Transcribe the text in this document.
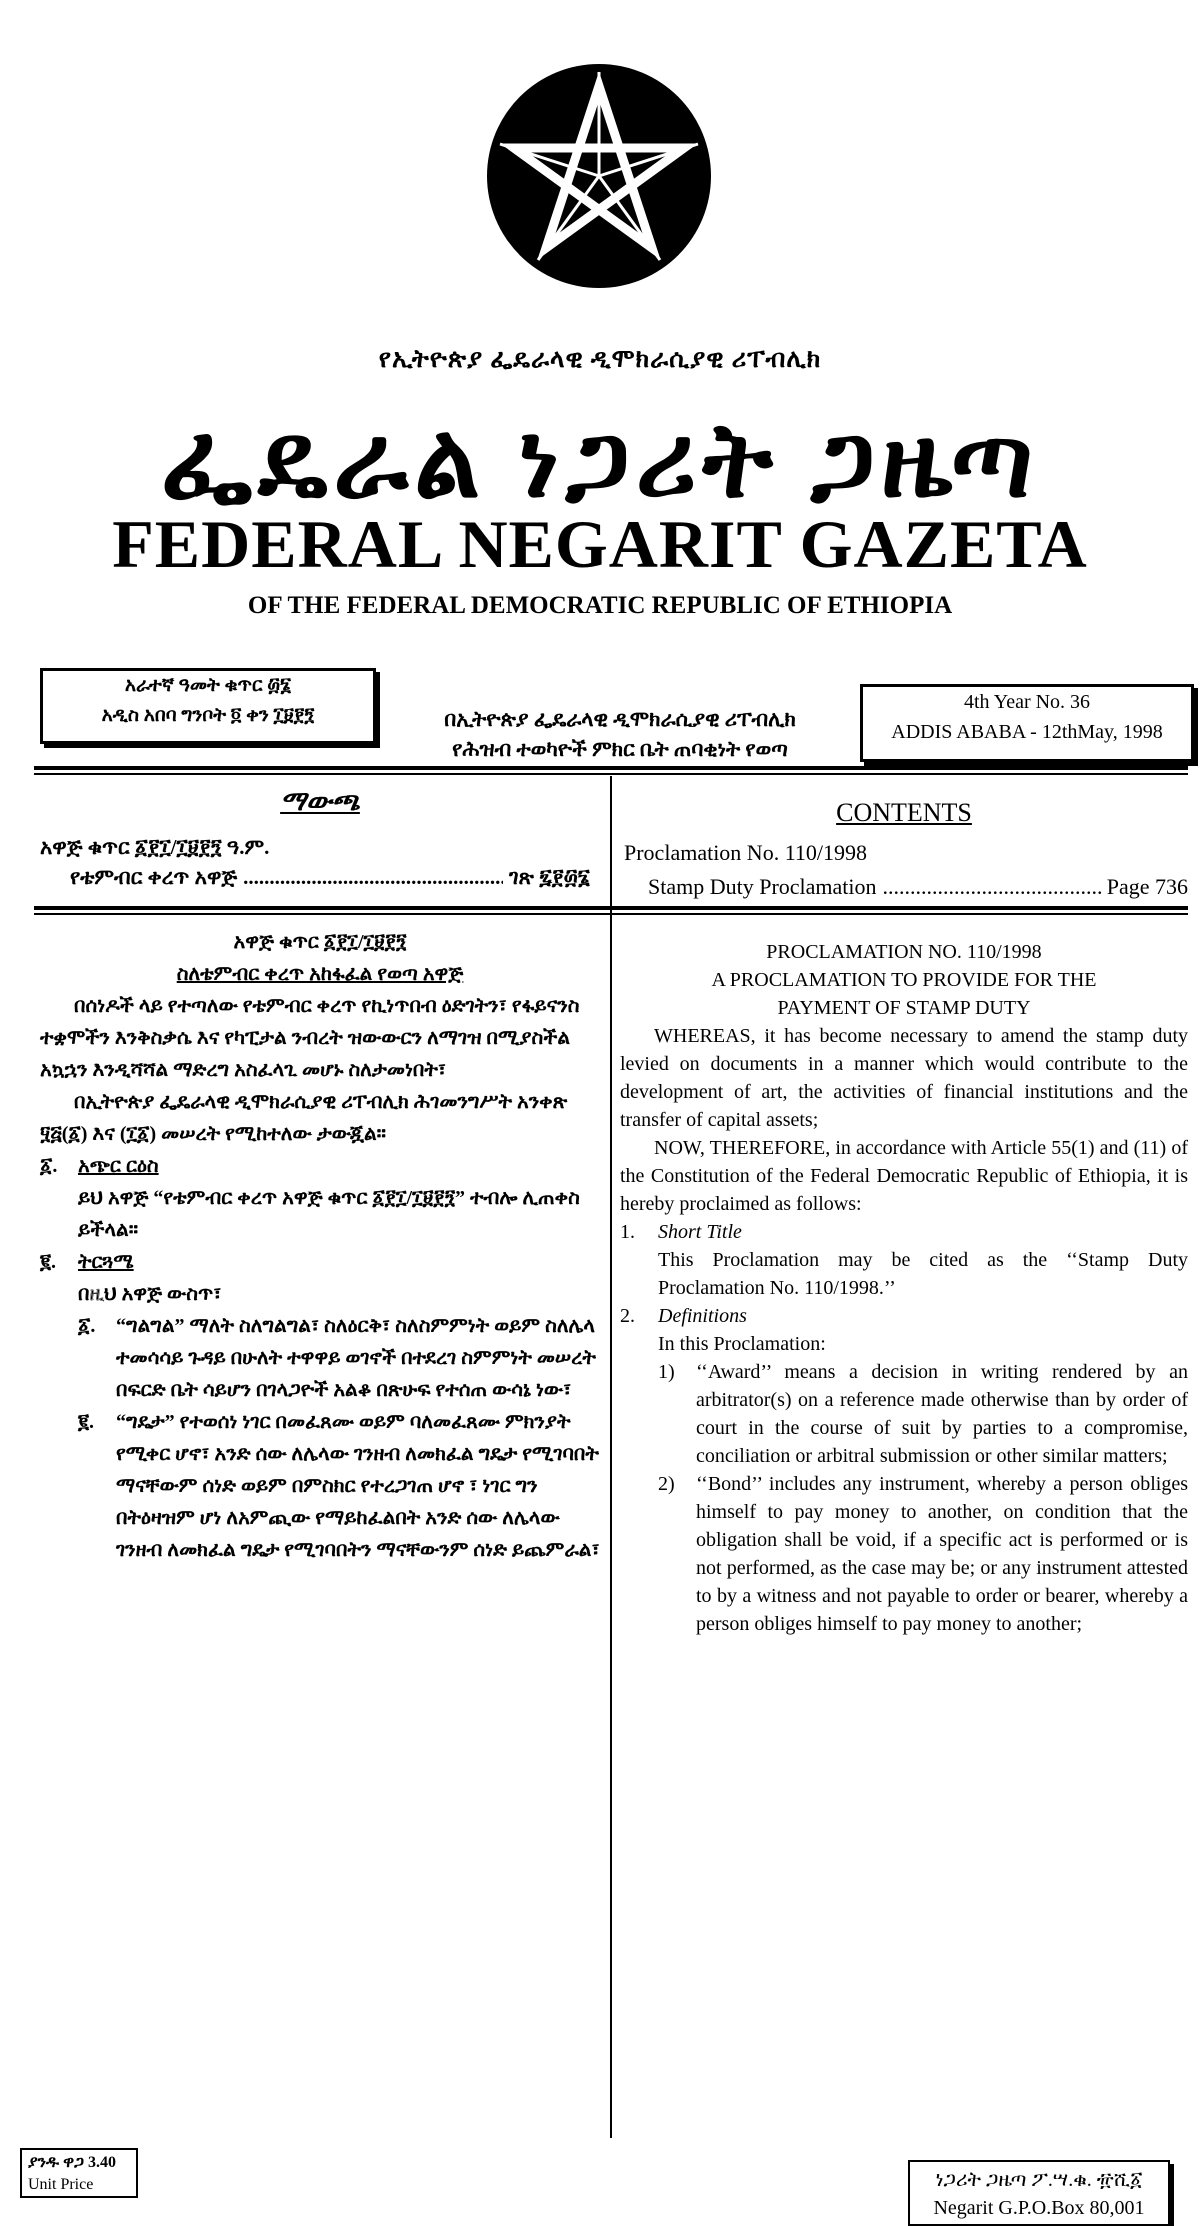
የኢትዮጵያ ፌዴራላዊ ዲሞክራሲያዊ ሪፐብሊክ
ፌዴራል ነጋሪት ጋዜጣ
FEDERAL NEGARIT GAZETA
OF THE FEDERAL DEMOCRATIC REPUBLIC OF ETHIOPIA
አራተኛ ዓመት ቁጥር ፴፮
አዲስ አበባ ግንቦት ፬ ቀን ፲፱፻፺	በኢትዮጵያ ፌዴራላዊ ዲሞክራሲያዊ ሪፐብሊክ
የሕዝብ ተወካዮች ምክር ቤት ጠባቂነት የወጣ
4th Year No. 36
ADDIS ABABA - 12thMay, 1998
ማውጫ
አዋጅ ቁጥር ፩፻፲/፲፱፻፺ ዓ.ም.
የቴምብር ቀረጥ አዋጅ .....	ገጽ ፯፻፴፮
CONTENTS
Proclamation No. 110/1998
Stamp Duty Proclamation .....	Page 736

አዋጅ ቁጥር ፩፻፲/፲፱፻፺

ስለቴምብር ቀረጥ አከፋፈል የወጣ አዋጅ

በሰነዶች ላይ የተጣለው የቴምብር ቀረጥ የኪነጥበብ ዕድገትን፣ የፋይናንስ ተቋሞችን እንቅስቃሴ እና የካፒታል ንብረት ዝውውርን ለማገዝ በሚያስችል አኳኋን እንዲሻሻል ማድረግ አስፈላጊ መሆኑ ስለታመነበት፣

በኢትዮጵያ ፌዴራላዊ ዲሞክራሲያዊ ሪፐብሊክ ሕገመንግሥት አንቀጽ ፶፭(፩) እና (፲፩) መሠረት የሚከተለው ታውጇል።

፩.	አጭር ርዕስ

ይህ አዋጅ “የቴምብር ቀረጥ አዋጅ ቁጥር ፩፻፲/፲፱፻፺” ተብሎ ሊጠቀስ ይችላል።

፪.	ትርጓሜ

በዚህ አዋጅ ውስጥ፣

፩.	“ግልግል” ማለት ስለግልግል፣ ስለዕርቅ፣ ስለስምምነት ወይም ስለሌላ ተመሳሳይ ጉዳይ በሁለት ተዋዋይ ወገኖች በተደረገ ስምምነት መሠረት በፍርድ ቤት ሳይሆን በገላጋዮች አልቆ በጽሁፍ የተሰጠ ውሳኔ ነው፣
፪.	“ግዴታ” የተወሰነ ነገር በመፈጸሙ ወይም ባለመፈጸሙ ምክንያት የሚቀር ሆኖ፣ አንድ ሰው ለሌላው ገንዘብ ለመክፈል ግዴታ የሚገባበት ማናቸውም ሰነድ ወይም በምስክር የተረጋገጠ ሆኖ ፣ ነገር ግን በትዕዛዝም ሆነ ለአምጪው የማይከፈልበት አንድ ሰው ለሌላው ገንዘብ ለመክፈል ግዴታ የሚገባበትን ማናቸውንም ሰነድ ይጨምራል፣

PROCLAMATION NO. 110/1998

A PROCLAMATION TO PROVIDE FOR THE

PAYMENT OF STAMP DUTY

WHEREAS, it has become necessary to amend the stamp duty levied on documents in a manner which would contribute to the development of art, the activities of financial institutions and the transfer of capital assets;

NOW, THEREFORE, in accordance with Article 55(1) and (11) of the Constitution of the Federal Democratic Republic of Ethiopia, it is hereby proclaimed as follows:

1.	Short Title

This Proclamation may be cited as the ‘‘Stamp Duty Proclamation No. 110/1998.’’

2.	Definitions

In this Proclamation:

1)	‘‘Award’’ means a decision in writing rendered by an arbitrator(s) on a reference made otherwise than by order of court in the course of suit by parties to a compromise, conciliation or arbitral submission or other similar matters;
2)	‘‘Bond’’ includes any instrument, whereby a person obliges himself to pay money to another, on condition that the obligation shall be void, if a specific act is performed or is not performed, as the case may be; or any instrument attested to by a witness and not payable to order or bearer, whereby a person obliges himself to pay money to another;
ያንዱ ዋጋ 3.40
Unit Price	ነጋሪት ጋዜጣ ፖ.ሣ.ቁ. ፹ሺ፩
Negarit G.P.O.Box 80,001
